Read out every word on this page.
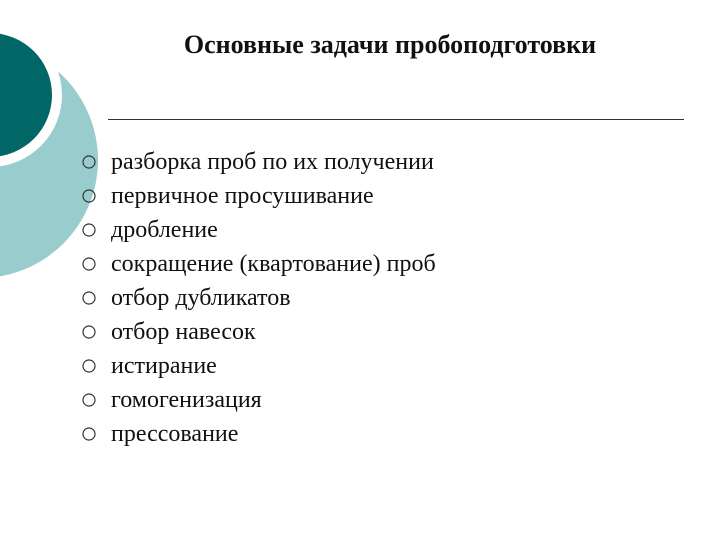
Основные задачи пробоподготовки
разборка проб по их получении
первичное просушивание
дробление
сокращение (квартование) проб
отбор дубликатов
отбор навесок
истирание
гомогенизация
прессование
